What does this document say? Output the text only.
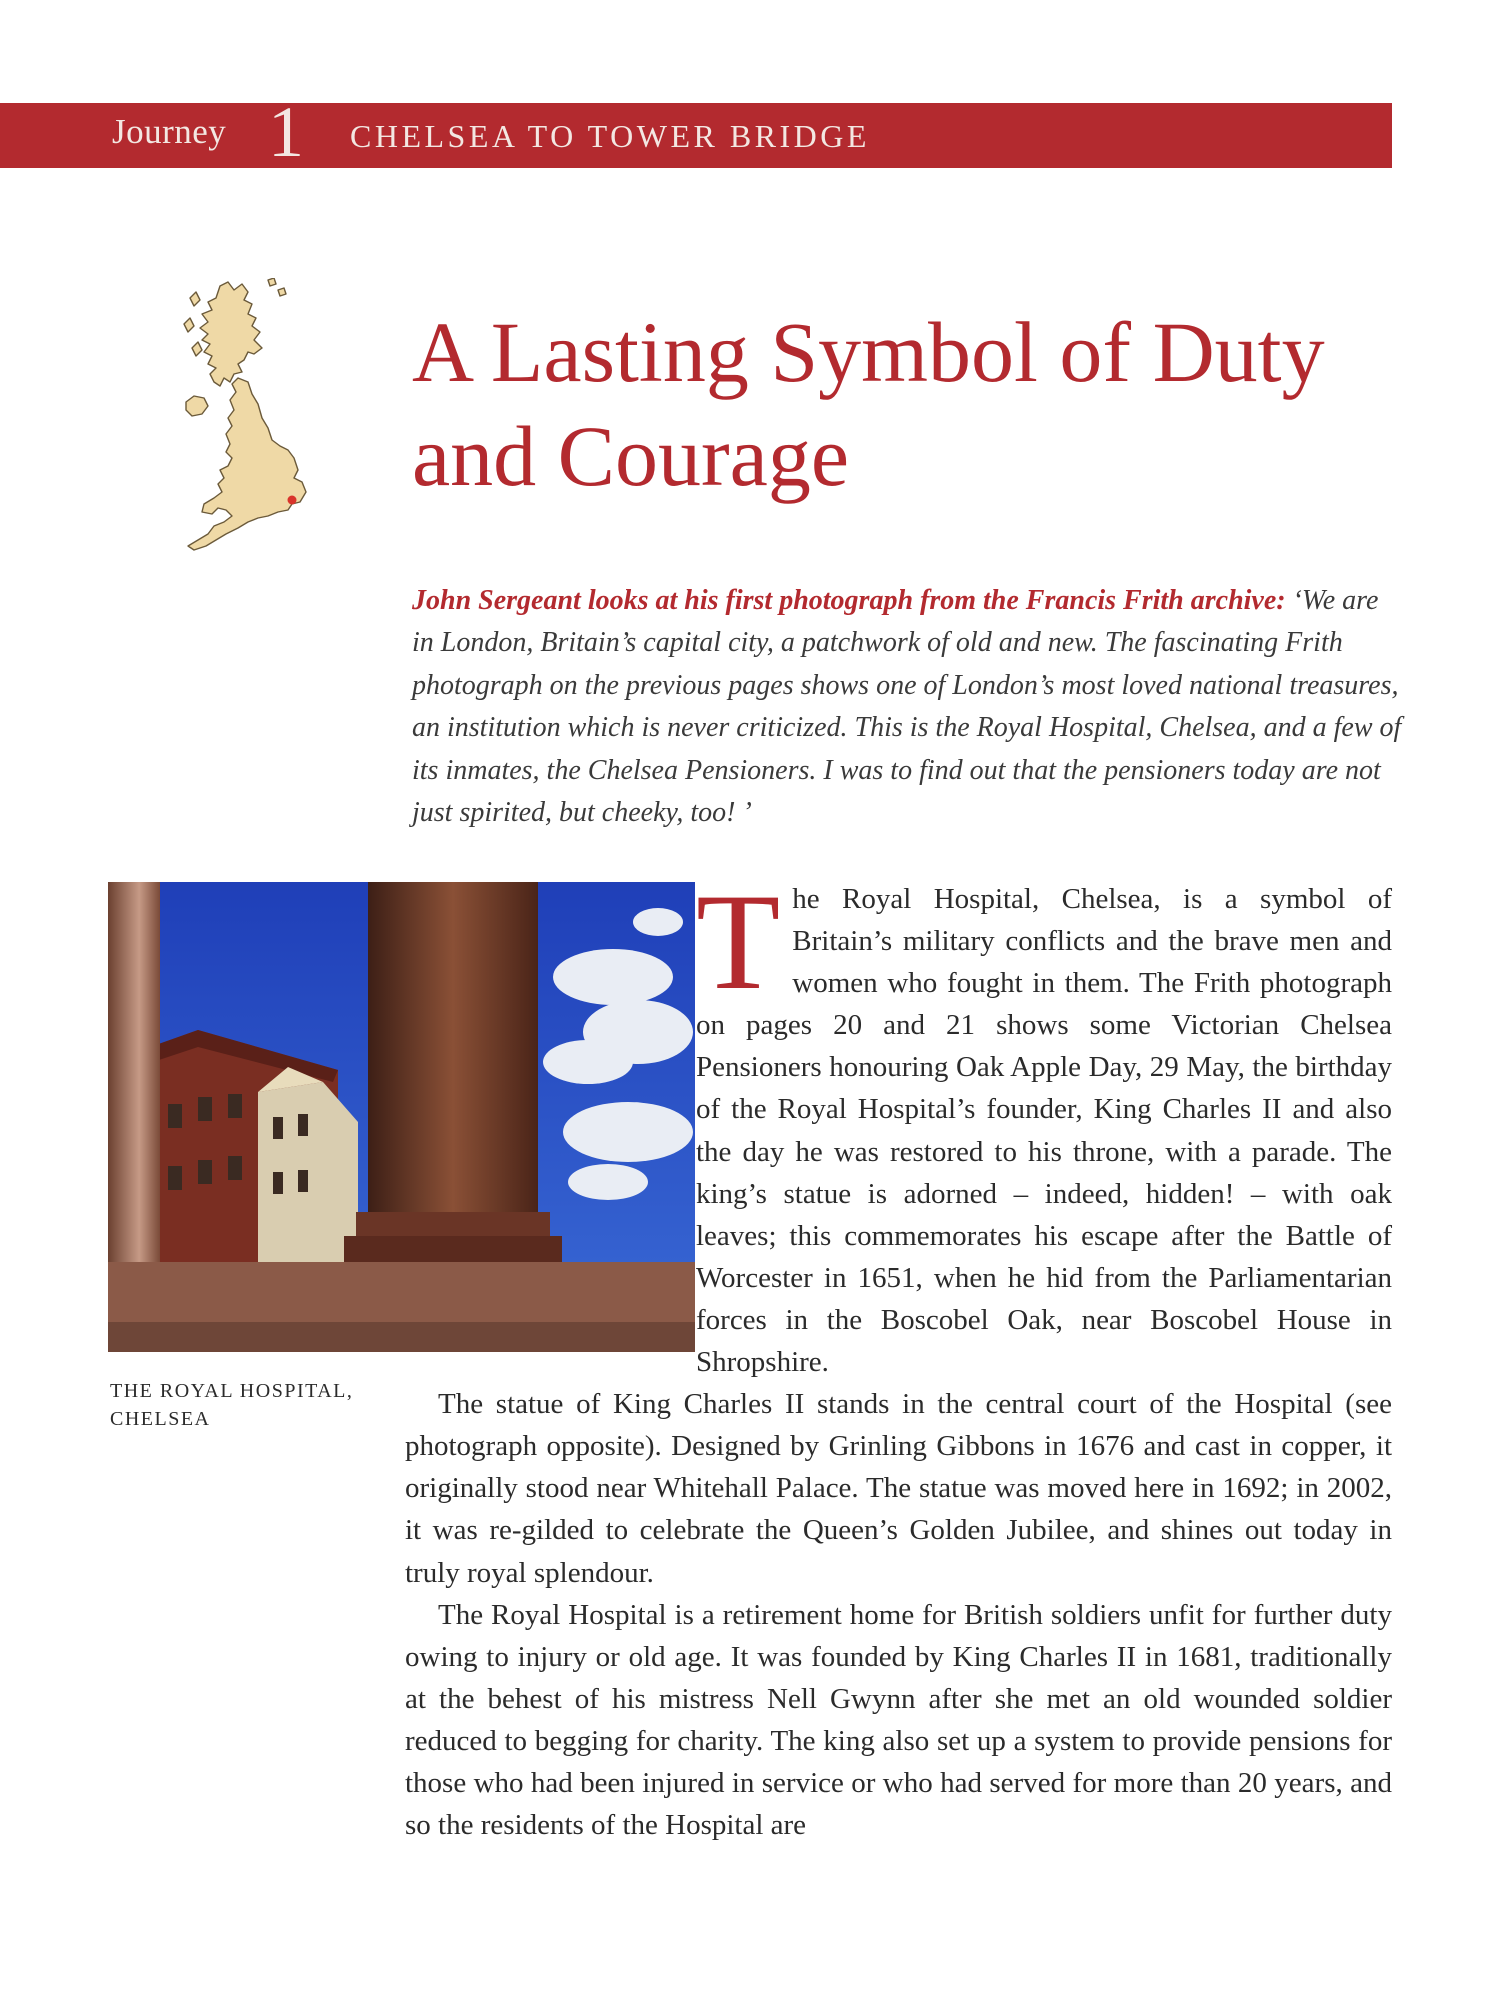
Journey 1 CHELSEA TO TOWER BRIDGE
A Lasting Symbol of Duty and Courage
John Sergeant looks at his first photograph from the Francis Frith archive: ‘We are in London, Britain’s capital city, a patchwork of old and new. The fascinating Frith photograph on the previous pages shows one of London’s most loved national treasures, an institution which is never criticized. This is the Royal Hospital, Chelsea, and a few of its inmates, the Chelsea Pensioners. I was to find out that the pensioners today are not just spirited, but cheeky, too! ’
THE ROYAL HOSPITAL, CHELSEA

The Royal Hospital, Chelsea, is a symbol of Britain’s military conflicts and the brave men and women who fought in them. The Frith photograph on pages 20 and 21 shows some Victorian Chelsea Pensioners honouring Oak Apple Day, 29 May, the birthday of the Royal Hospital’s founder, King Charles II and also the day he was restored to his throne, with a parade. The king’s statue is adorned – indeed, hidden! – with oak leaves; this commemorates his escape after the Battle of Worcester in 1651, when he hid from the Parliamentarian forces in the Boscobel Oak, near Boscobel House in Shropshire.

The statue of King Charles II stands in the central court of the Hospital (see photograph opposite). Designed by Grinling Gibbons in 1676 and cast in copper, it originally stood near Whitehall Palace. The statue was moved here in 1692; in 2002, it was re-gilded to celebrate the Queen’s Golden Jubilee, and shines out today in truly royal splendour.

The Royal Hospital is a retirement home for British soldiers unfit for further duty owing to injury or old age. It was founded by King Charles II in 1681, traditionally at the behest of his mistress Nell Gwynn after she met an old wounded soldier reduced to begging for charity. The king also set up a system to provide pensions for those who had been injured in service or who had served for more than 20 years, and so the residents of the Hospital are
